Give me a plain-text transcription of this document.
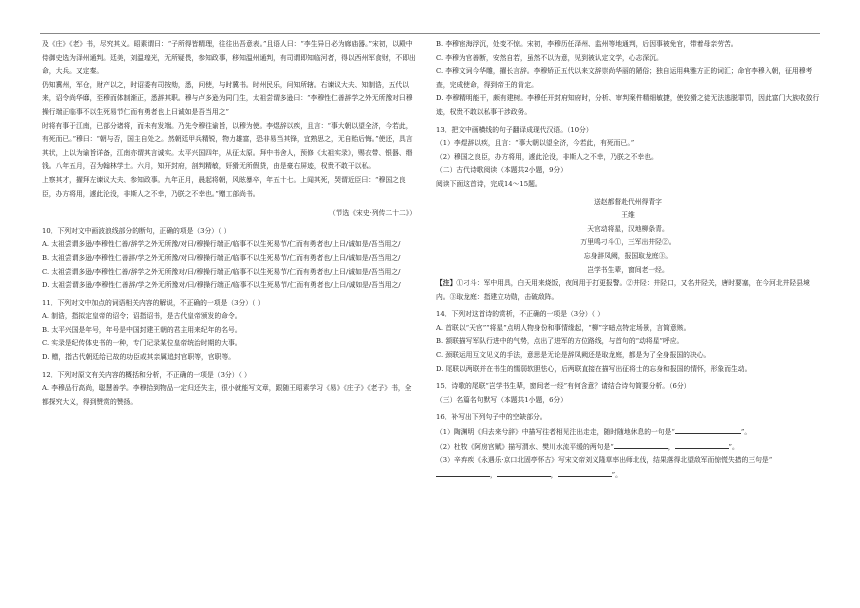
及《庄》《老》书，尽究其义。昭素谓曰：“子所得皆精理，往往出吾意表。”且语人曰：“李生异日必为廊庙器。”宋初，以殿中侍御史选为泽州通判。廷美，刘温瑝光，无所疑畏，参知政事，移知温州通判，有司谓即知临河者，得以西州军食财，不即出命，大兵。又定秦。

仍知冀州，军仓，财产以之，时诏委有司按劾，悉，问使，与时冀书。时州民乐，问知所辖。右谏议大夫、知制诰，五代以来，诏令尚华靡，至穆而体制渐正，悉辞其职。穆与卢多逊为同门生，太祖尝谓多逊曰：“李穆性仁善辞学之外无所豫对曰穆操行端正临事不以生死易节仁而有勇者也上曰诚如是吾当用之”

时将有事于江南，已部分诸将，而未有发端。乃先令穆往谕旨，以穆为使。李煜辞以疾，且言：“事大朝以望全济，今若此，有死而已。”穆曰：“朝与否，国主自处之。然朝廷甲兵精锐，物力雄富，恐非易当其锋，宜熟思之，无自贻后悔。”使还，具言其状，上以为谕旨详备，江南亦谓其言诚实。太平兴国四年，从征太原。拜中书舍人，预修《太祖实录》，赐衣带、银器、缗钱。八年五月，召为翰林学士。六月，知开封府，剖判精敏，奸猾无所假贷，由是豪右屏迹，权贵不敢干以私。

上察其才，擢拜左谏议大夫、参知政事。九年正月，晨起将朝，风眩暴卒，年五十七。上闻其死，哭谓近臣曰：“穆国之良臣，办方将用，遽此沦没，非斯人之不幸，乃朕之不幸也。”赠工部尚书。

（节选《宋史·列传二十二》）

10．下列对文中画波浪线部分的断句，正确的项是（3分）（ ）

A. 太祖尝谓多逊/李穆性仁善/辞学之外无所豫/对曰/穆操行端正/临事不以生死易节/仁而有勇者也/上曰/诚如是/吾当用之/

B. 太祖尝谓多逊/李穆性仁善辞/学之外无所豫/对曰/穆操行端正/临事不以生死易节/仁而有勇者也/上曰/诚如是/吾当用之/

C. 太祖尝谓多逊/李穆性仁善/辞学之外无所豫对/曰/穆操行端正/临事不以生死易节/仁而有勇者也/上曰/诚如是/吾当用之/

D. 太祖尝谓多逊/李穆性仁善辞/学之外无所豫对/曰/穆操行端正/临事不以生死易节/仁而有勇者也/上曰/诚如是/吾当用之/

11．下列对文中加点的词语相关内容的解说，不正确的一项是（3分）（ ）

A. 制诰，指拟定皇帝的诏令；诏指诏书，是古代皇帝颁发的命令。

B. 太平兴国是年号，年号是中国封建王朝的君主用来纪年的名号。

C. 实录是纪传体史书的一种，专门记录某位皇帝统治时期的大事。

D. 赠，指古代朝廷给已故的功臣或其亲属追封官职等，官职等。

12．下列对原文有关内容的概括和分析，不正确的一项是（3分）（ ）

A. 李穆品行高尚，聪慧善学。李穆拾到物品一定归还失主，很小就能写文章，跟随王昭素学习《易》《庄子》《老子》书，全都探究大义，得到赞赏的赞扬。

B. 李穆宦海浮沉，处变不惊。宋初，李穆历任泽州、监州等地通判，后因事被免官，带着母亲劳苦。

C. 李穆为官善断，安然自若，虽然不以为意，见到被认定文学，心志深沉。

C. 李穆文词今华雕，擢长言辞。李穆矫正五代以来文辞崇尚华丽的陋俗；独自运用典雅方正的词汇；命官李穆入朝，征用穆考查，完成使命，得到帝王的肯定。

D. 李穆精明能干，颇有建树。李穆任开封府知府时，分析、审判案件精细敏捷，使狡猾之徒无法逃脱罪罚，因此富门大族收敛行迹，权贵不敢以私事干涉政务。

13．把文中画横线的句子翻译成现代汉语。（10分）

（1）李煜辞以疾，且言：“事大朝以望全济，今若此，有死而已。”

（2）穆国之良臣，办方将用，遽此沦没，非斯人之不幸，乃朕之不幸也。

（二）古代诗歌阅读（本题共2小题，9分）

阅读下面这首诗，完成14～15题。

送赵都督赴代州得青字

王维

天官动将星，汉地柳条青。

万里鸣刁斗①，三军出井陉②。

忘身辞凤阙，报国取龙庭③。

岂学书生辈，窗间老一经。

【注】①刁斗：军中用具，白天用来烧饭，夜间用于打更报警。②井陉：井陉口，又名井陉关，唐时要塞，在今河北井陉县境内。③取龙庭：指建立功勋，击破敌阵。

14．下列对这首诗的赏析，不正确的一项是（3分）（ ）

A. 首联以“天官”“将星”点明人物身份和事情缘起，“柳”字暗点特定场景，言简意赅。

B. 颔联描写军队行进中的气势，点出了进军的方位路线，与首句的“动将星”呼应。

C. 颈联运用互文见义的手法，意思是无论是辞凤阙还是取龙庭，都是为了全身报国的决心。

D. 尾联以两联并在书生的懦弱软胆怯心，后两联直接在描写出征将士的忘身和报国的情怀，形象而生动。

15．诗歌的尾联“岂学书生辈，窗间老一经”有何含意？请结合诗句简要分析。（6分）

（三）名篇名句默写（本题共1小题，6分）

16．补写出下列句子中的空缺部分。

（1）陶渊明《归去来兮辞》中描写往者相见注出走走，随时随地休息的一句是“	”。

（2）杜牧《阿房宫赋》描写渭水、樊川水流平缓的两句是“	，	”。

（3）辛弃疾《永遇乐·京口北固亭怀古》写宋文帝刘义隆草率出师北伐，结果落得北望敌军而惊慌失措的三句是“，	，	”。
